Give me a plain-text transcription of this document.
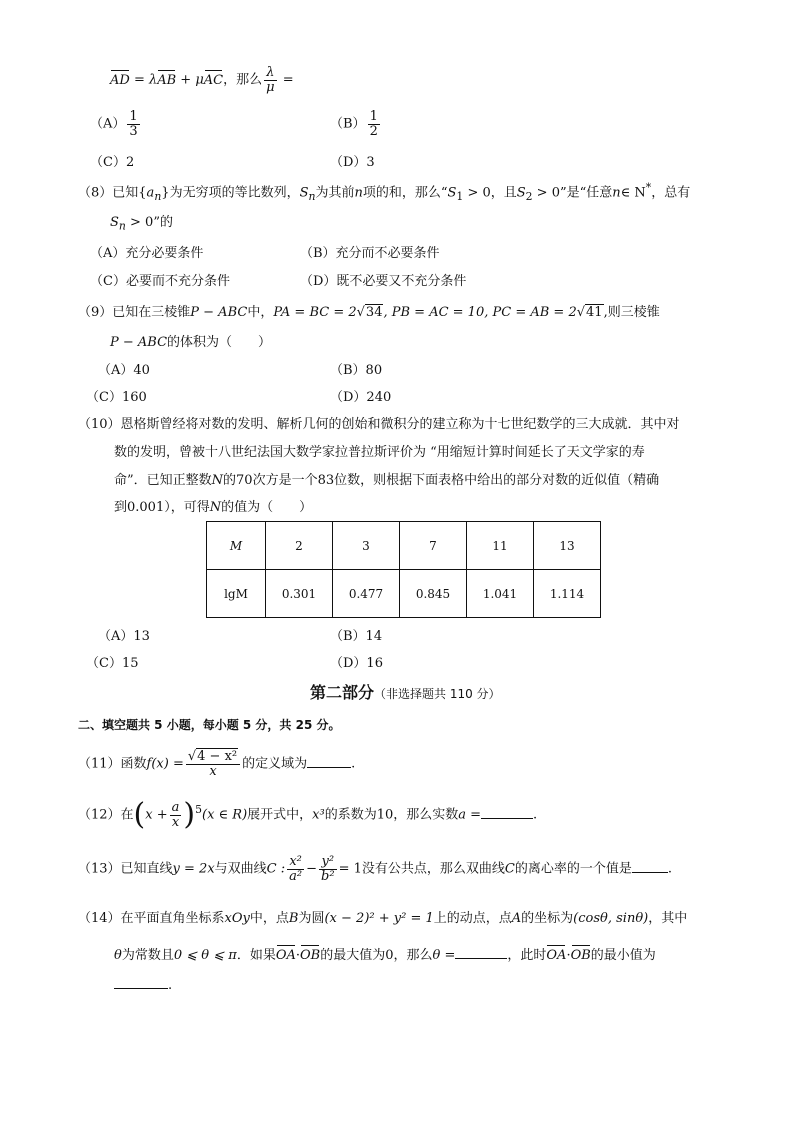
AD = λAB + μAC，那么 $\frac{\lambda}{\mu}$ =
$(A) \frac{1}{3}$	$(B) \frac{1}{2}$
（C）2	（D）3
（8）已知$\{a_n\}$为无穷项的等比数列，$S_n$为其前n项的和，那么“$S_1 > 0$，且$S_2 > 0$”是“任意n∈ N*，总有
$S_n > 0$”的
（A）充分必要条件	（B）充分而不必要条件
（C）必要而不充分条件	（D）既不必要又不充分条件
（9）已知在三棱锥P − ABC中，PA = BC = 2√34, PB = AC = 10, PC = AB = 2√41,则三棱锥
P − ABC的体积为（　　）
（A）40	（B）80
（C）160	（D）240
（10）恩格斯曾经将对数的发明、解析几何的创始和微积分的建立称为十七世纪数学的三大成就．其中对
数的发明，曾被十八世纪法国大数学家拉普拉斯评价为 “用缩短计算时间延长了天文学家的寿
命”．已知正整数N的70次方是一个83位数，则根据下面表格中给出的部分对数的近似值（精确
到0.001），可得N的值为（　　）
M	2	3	7	11	13
lgM	0.301	0.477	0.845	1.041	1.114
（A）13	（B）14
（C）15	（D）16
第二部分（非选择题共 110 分）
二、填空题共 5 小题，每小题 5 分，共 25 分。
（11）函数$f(x) = \frac{\text{√4 − x²}}{x}$ 的定义域为	.
（12）在$(x + \frac{a}{x} )^5(x$ ∈ R)展开式中，x³的系数为10，那么实数a =	.
（13）已知直线y = 2x与双曲线C : $\frac{\text{x²}}{\text{a²}} - \frac{\text{y²}}{\text{b²}} = 1$没有公共点，那么双曲线C的离心率的一个值是	.
（14）在平面直角坐标系xOy中，点B为圆(x − 2)² + y² = 1上的动点，点A的坐标为(cosθ, sinθ)，其中
θ为常数且0 ⩽ θ ⩽ π．如果OA·OB的最大值为0，那么θ =	，此时OA·OB的最小值为
.
